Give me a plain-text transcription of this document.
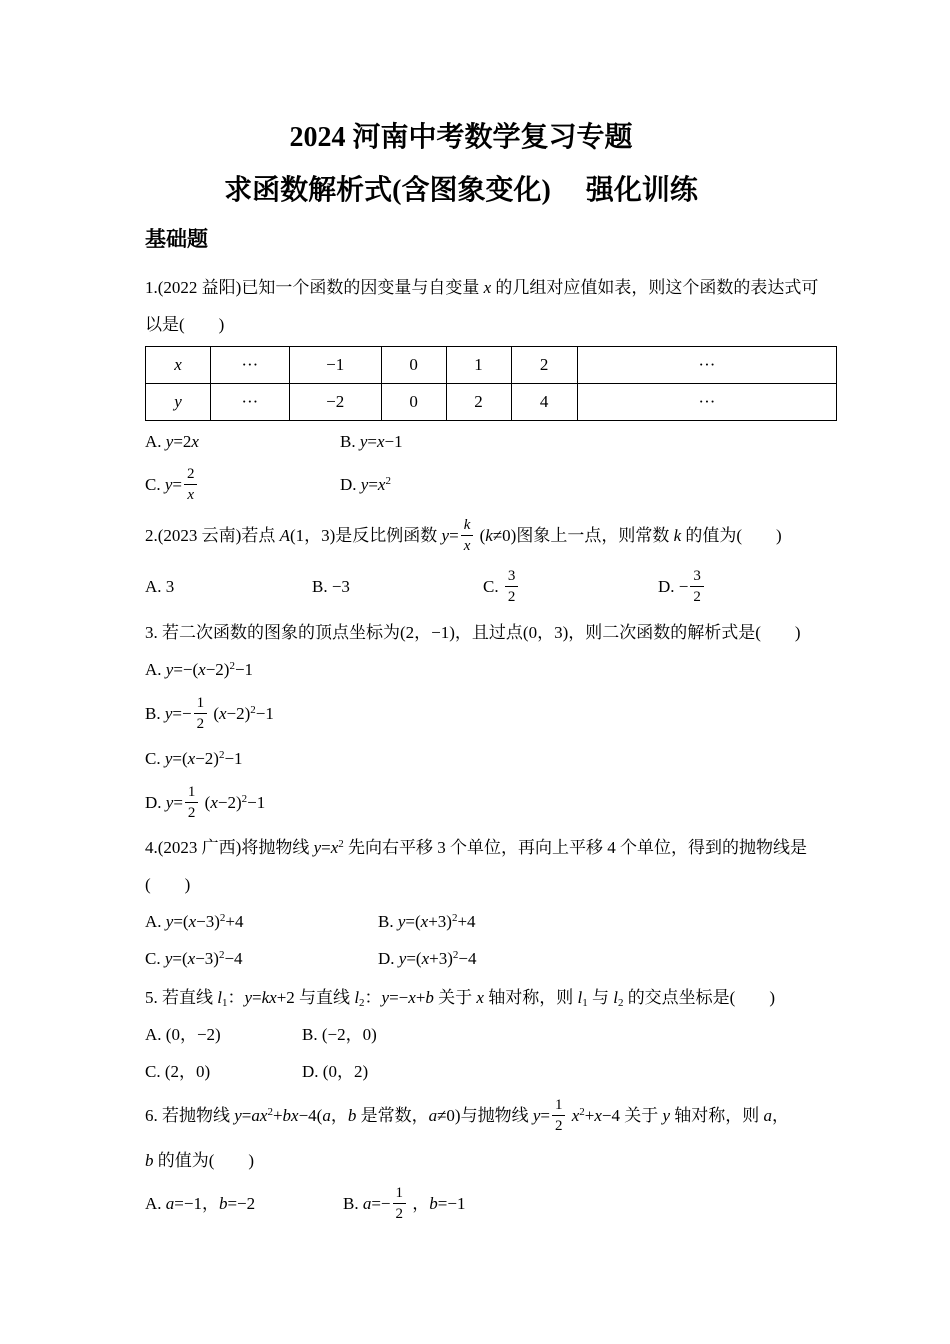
2024 河南中考数学复习专题
求函数解析式(含图象变化)　 强化训练
基础题
1.(2022 益阳)已知一个函数的因变量与自变量 x 的几组对应值如表，则这个函数的表达式可
以是(　　)
x	···	−1	0	1	2	···
y	···	−2	0	2	4	···
A. y=2x	B. y=x−1
C. $y= \frac{2}{x}$	D. $y=x^2$
2.(2023 云南)若点 A(1，3)是反比例函数 $y= \frac{k}{x} (k\ne 0)$图象上一点，则常数 k 的值为(　　)
A. 3	B. −3	C. $\frac{3}{2}$	D. − $\frac{3}{2}$
3. 若二次函数的图象的顶点坐标为(2，−1)，且过点(0，3)，则二次函数的解析式是(　　)
A. $y=-(x-2)^2-1$
B. $y=- \frac{1}{2} (x-2)^2-1$
C. $y=(x-2)^2-1$
D. $y= \frac{1}{2} (x-2)^2-1$
4.(2023 广西)将抛物线 $y=x^2$ 先向右平移 3 个单位，再向上平移 4 个单位，得到的抛物线是
(　　)
A. $y=(x-3)^2+4$	B. $y=(x+3)^2+4$
C. $y=(x-3)^2-4$	D. $y=(x+3)^2-4$
5. 若直线 $l_1$：y=kx+2 与直线 $l_2$：y=−x+b 关于 x 轴对称，则 $l_1$ 与 $l_2$ 的交点坐标是(　　)
A. (0，−2)	B. (−2，0)
C. (2，0)	D. (0，2)
6. 若抛物线 $y=ax^2+bx-4(a$，b 是常数，a≠0)与抛物线 $y= \frac{1}{2} x^2+x-4$ 关于 y 轴对称，则 a，
b 的值为(　　)
A. a=−1，b=−2	B. $a=- \frac{1}{2}$ ，b=−1
